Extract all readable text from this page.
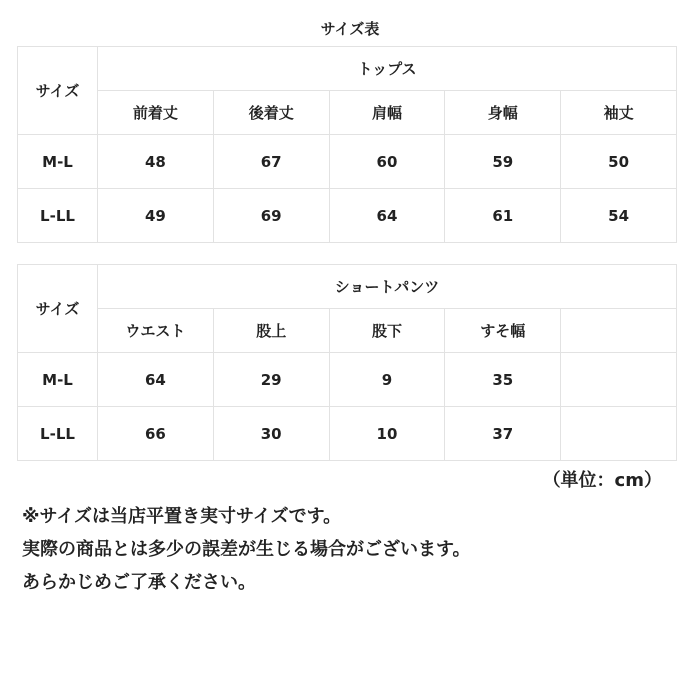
サイズ表
サイズ	トップス				
	前着丈	後着丈	肩幅	身幅	袖丈
M-L	48	67	60	59	50
L-LL	49	69	64	61	54
サイズ	ショートパンツ				
	ウエスト	股上	股下	すそ幅	
M-L	64	29	9	35	
L-LL	66	30	10	37	
（単位：cm）
※サイズは当店平置き実寸サイズです。
実際の商品とは多少の誤差が生じる場合がございます。
あらかじめご了承ください。
